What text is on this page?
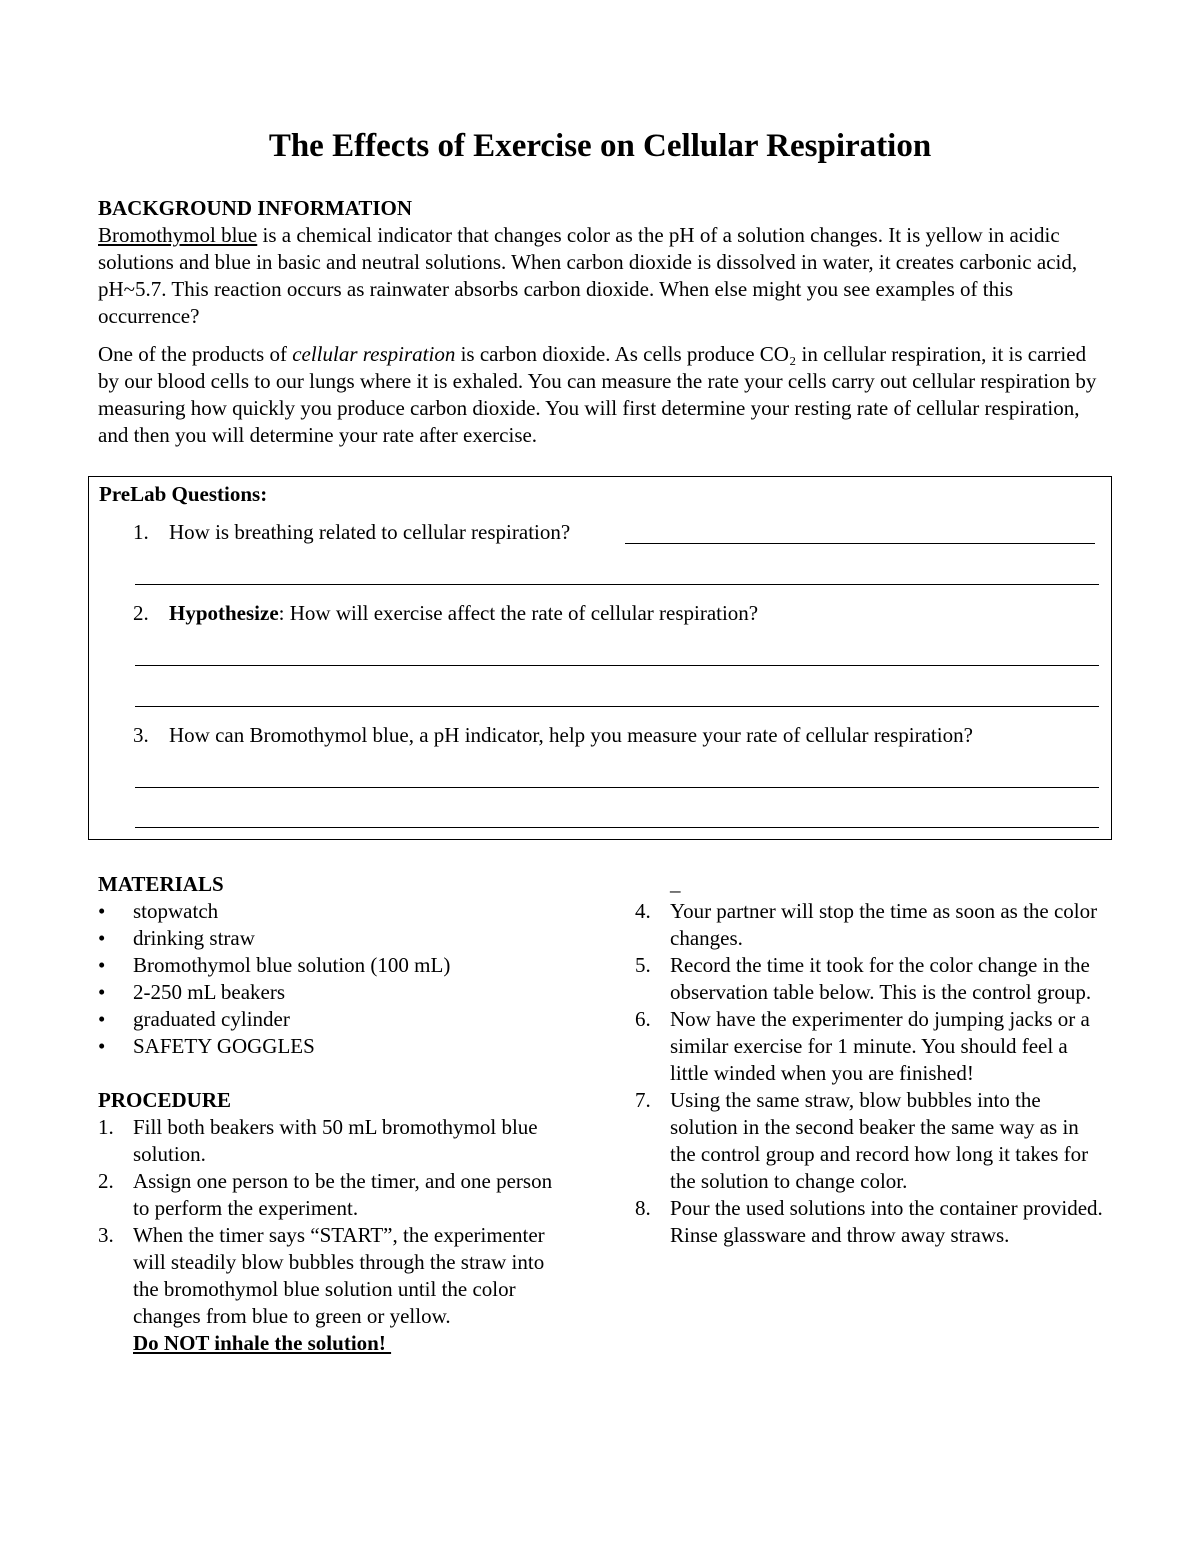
The Effects of Exercise on Cellular Respiration

BACKGROUND INFORMATION

Bromothymol blue is a chemical indicator that changes color as the pH of a solution changes. It is yellow in acidic solutions and blue in basic and neutral solutions. When carbon dioxide is dissolved in water, it creates carbonic acid, pH~5.7. This reaction occurs as rainwater absorbs carbon dioxide. When else might you see examples of this occurrence?

One of the products of cellular respiration is carbon dioxide. As cells produce CO₂ in cellular respiration, it is carried by our blood cells to our lungs where it is exhaled. You can measure the rate your cells carry out cellular respiration by measuring how quickly you produce carbon dioxide. You will first determine your resting rate of cellular respiration, and then you will determine your rate after exercise.

PreLab Questions:

1. How is breathing related to cellular respiration?

2. Hypothesize: How will exercise affect the rate of cellular respiration?

3. How can Bromothymol blue, a pH indicator, help you measure your rate of cellular respiration?

MATERIALS

• stopwatch
• drinking straw
• Bromothymol blue solution (100 mL)
• 2-250 mL beakers
• graduated cylinder
• SAFETY GOGGLES

PROCEDURE

1. Fill both beakers with 50 mL bromothymol blue solution.
2. Assign one person to be the timer, and one person to perform the experiment.
3. When the timer says “START”, the experimenter will steadily blow bubbles through the straw into the bromothymol blue solution until the color changes from blue to green or yellow.
Do NOT inhale the solution!
_
4. Your partner will stop the time as soon as the color changes.
5. Record the time it took for the color change in the observation table below. This is the control group.
6. Now have the experimenter do jumping jacks or a similar exercise for 1 minute. You should feel a little winded when you are finished!
7. Using the same straw, blow bubbles into the solution in the second beaker the same way as in the control group and record how long it takes for the solution to change color.
8. Pour the used solutions into the container provided. Rinse glassware and throw away straws.
